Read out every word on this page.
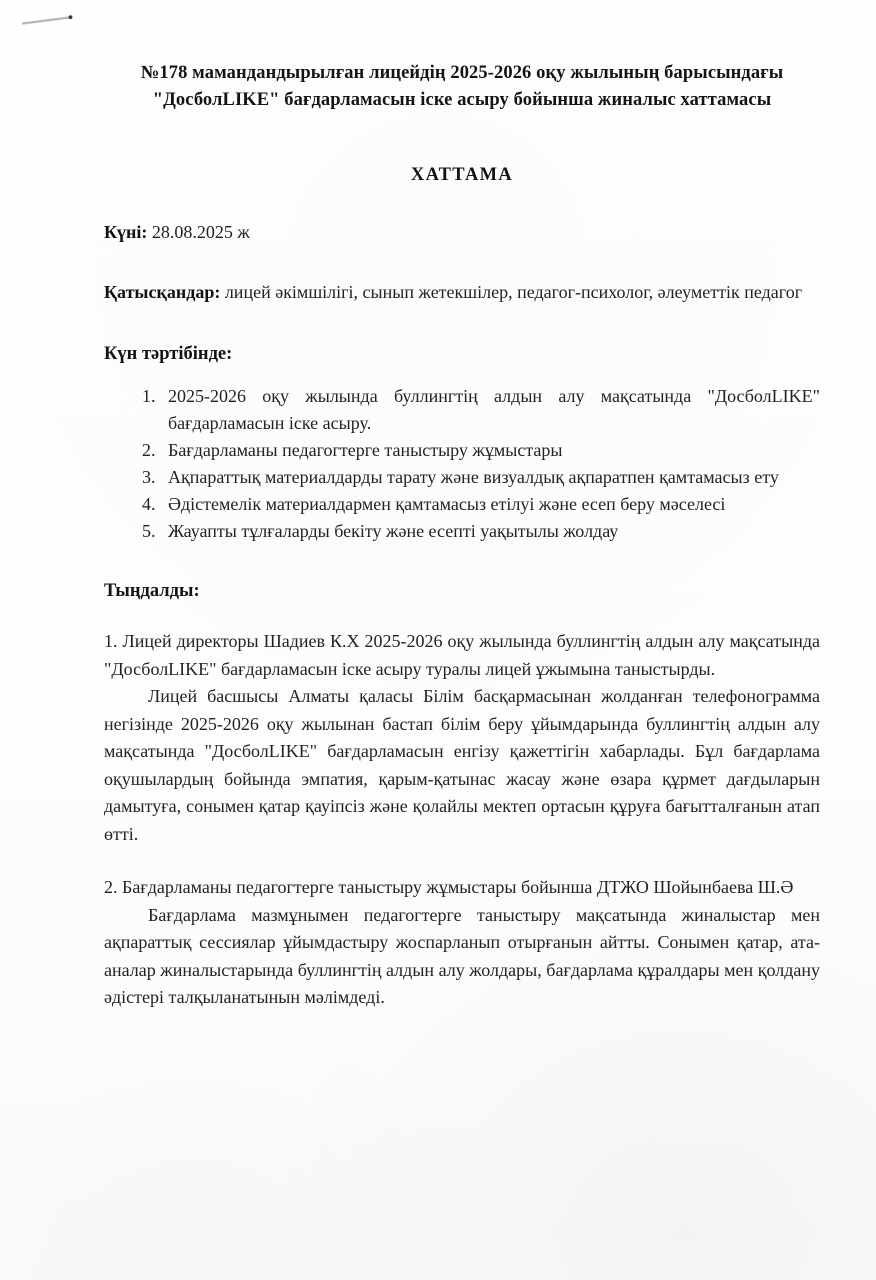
№178 мамандандырылған лицейдің 2025-2026 оқу жылының барысындағы "ДосболLIKE" бағдарламасын іске асыру бойынша жиналыс хаттамасы
ХАТТАМА

Күні: 28.08.2025 ж

Қатысқандар: лицей әкімшілігі, сынып жетекшілер, педагог-психолог, әлеуметтік педагог

Күн тәртібінде:
1. 2025-2026 оқу жылында буллингтің алдын алу мақсатында "ДосболLIKE" бағдарламасын іске асыру.
2. Бағдарламаны педагогтерге таныстыру жұмыстары
3. Ақпараттық материалдарды тарату және визуалдық ақпаратпен қамтамасыз ету
4. Әдістемелік материалдармен қамтамасыз етілуі және есеп беру мәселесі
5. Жауапты тұлғаларды бекіту және есепті уақытылы жолдау
Тыңдалды:

1. Лицей директоры Шадиев К.Х 2025-2026 оқу жылында буллингтің алдын алу мақсатында "ДосболLIKE" бағдарламасын іске асыру туралы лицей ұжымына таныстырды.

Лицей басшысы Алматы қаласы Білім басқармасынан жолданған телефонограмма негізінде 2025-2026 оқу жылынан бастап білім беру ұйымдарында буллингтің алдын алу мақсатында "ДосболLIKE" бағдарламасын енгізу қажеттігін хабарлады. Бұл бағдарлама оқушылардың бойында эмпатия, қарым-қатынас жасау және өзара құрмет дағдыларын дамытуға, сонымен қатар қауіпсіз және қолайлы мектеп ортасын құруға бағытталғанын атап өтті.

2. Бағдарламаны педагогтерге таныстыру жұмыстары бойынша ДТЖО Шойынбаева Ш.Ә

Бағдарлама мазмұнымен педагогтерге таныстыру мақсатында жиналыстар мен ақпараттық сессиялар ұйымдастыру жоспарланып отырғанын айтты. Сонымен қатар, ата-аналар жиналыстарында буллингтің алдын алу жолдары, бағдарлама құралдары мен қолдану әдістері талқыланатынын мәлімдеді.
